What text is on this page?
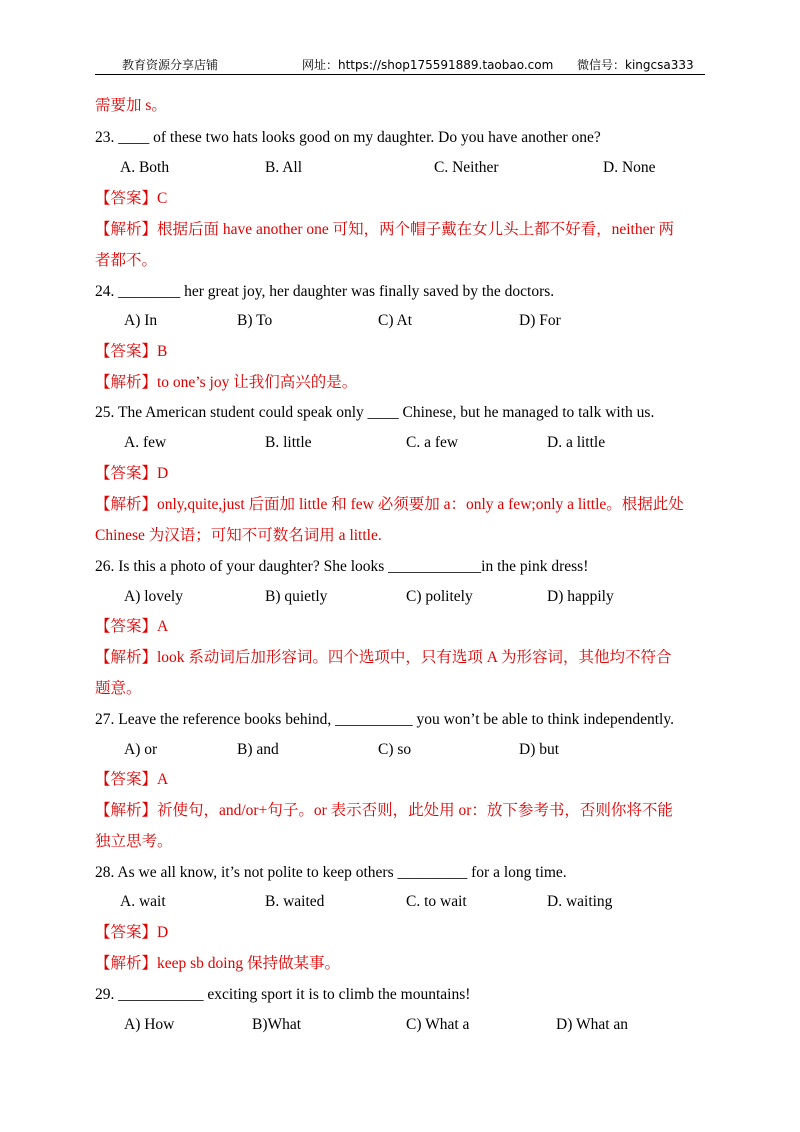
教育资源分享店铺	网址：https://shop175591889.taobao.com 微信号：kingcsa333
需要加 s。
23. ____ of these two hats looks good on my daughter. Do you have another one?
A. Both	B. All	C. Neither	D. None
【答案】C
【解析】根据后面 have another one 可知，两个帽子戴在女儿头上都不好看，neither 两
者都不。
24. ________ her great joy, her daughter was finally saved by the doctors.
A) In	B) To	C) At	D) For
【答案】B
【解析】to one’s joy 让我们高兴的是。
25. The American student could speak only ____ Chinese, but he managed to talk with us.
A. few	B. little	C. a few	D. a little
【答案】D
【解析】only,quite,just 后面加 little 和 few 必须要加 a：only a few;only a little。根据此处
Chinese 为汉语；可知不可数名词用 a little.
26. Is this a photo of your daughter? She looks ____________in the pink dress!
A) lovely	B) quietly	C) politely	D) happily
【答案】A
【解析】look 系动词后加形容词。四个选项中，只有选项 A 为形容词，其他均不符合
题意。
27. Leave the reference books behind, __________ you won’t be able to think independently.
A) or	B) and	C) so	D) but
【答案】A
【解析】祈使句，and/or+句子。or 表示否则，此处用 or：放下参考书，否则你将不能
独立思考。
28. As we all know, it’s not polite to keep others _________ for a long time.
A. wait	B. waited	C. to wait	D. waiting
【答案】D
【解析】keep sb doing 保持做某事。
29. ___________ exciting sport it is to climb the mountains!
A) How	B)What	C) What a	D) What an
